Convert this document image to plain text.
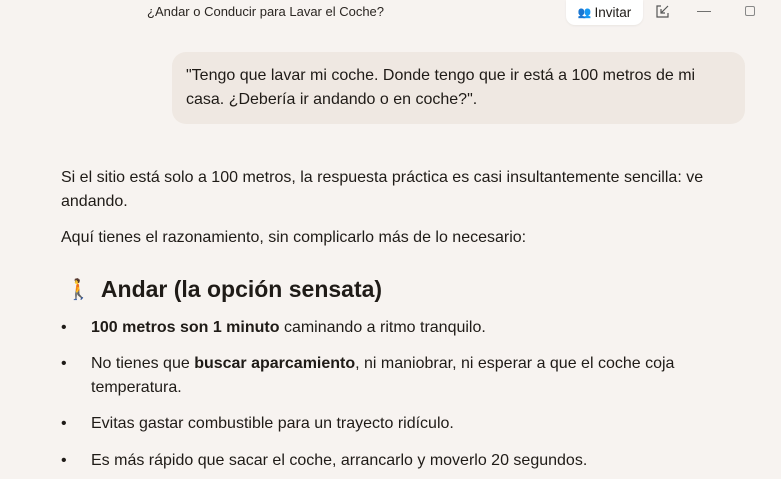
¿Andar o Conducir para Lavar el Coche?	👥 Invitar	—
"Tengo que lavar mi coche. Donde tengo que ir está a 100 metros de mi casa. ¿Debería ir andando o en coche?".
Si el sitio está solo a 100 metros, la respuesta práctica es casi insultantemente sencilla: ve andando.
Aquí tienes el razonamiento, sin complicarlo más de lo necesario:
🚶 Andar (la opción sensata)
• 100 metros son 1 minuto caminando a ritmo tranquilo.
• No tienes que buscar aparcamiento, ni maniobrar, ni esperar a que el coche coja temperatura.
• Evitas gastar combustible para un trayecto ridículo.
• Es más rápido que sacar el coche, arrancarlo y moverlo 20 segundos.
